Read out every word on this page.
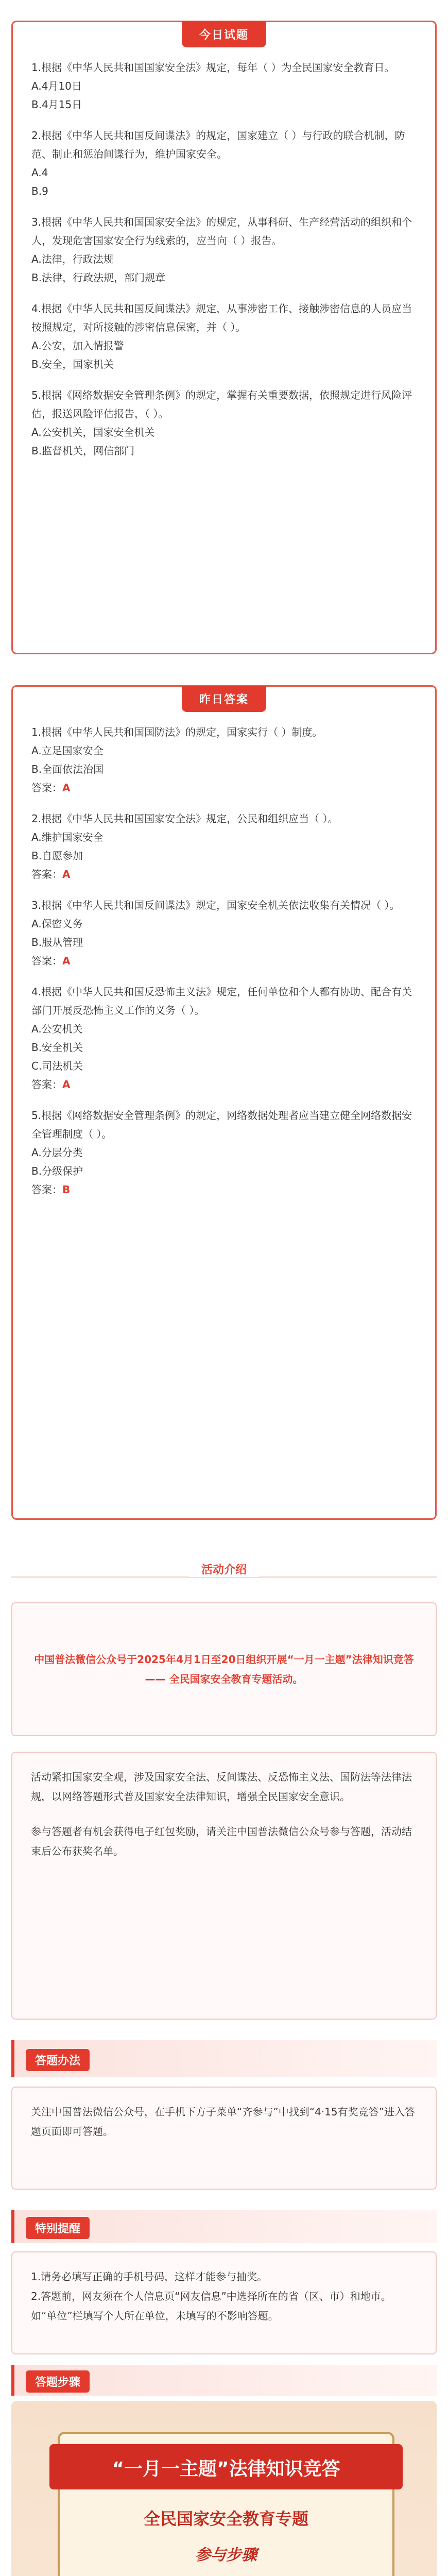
今日试题

1.根据《中华人民共和国国家安全法》规定，每年（ ）为全民国家安全教育日。

A.4月10日

B.4月15日

2.根据《中华人民共和国反间谍法》的规定，国家建立（ ）与行政的联合机制，防范、制止和惩治间谍行为，维护国家安全。

A.4

B.9

3.根据《中华人民共和国国家安全法》的规定，从事科研、生产经营活动的组织和个人，发现危害国家安全行为线索的，应当向（ ）报告。

A.法律，行政法规

B.法律，行政法规，部门规章

4.根据《中华人民共和国反间谍法》规定，从事涉密工作、接触涉密信息的人员应当按照规定，对所接触的涉密信息保密，并（ ）。

A.公安，加入情报警

B.安全，国家机关

5.根据《网络数据安全管理条例》的规定，掌握有关重要数据，依照规定进行风险评估，报送风险评估报告，（ ）。

A.公安机关，国家安全机关

B.监督机关，网信部门

昨日答案

1.根据《中华人民共和国国防法》的规定，国家实行（ ）制度。

A.立足国家安全

B.全面依法治国

答案：A

2.根据《中华人民共和国国家安全法》规定，公民和组织应当（ ）。

A.维护国家安全

B.自愿参加

答案：A

3.根据《中华人民共和国反间谍法》规定，国家安全机关依法收集有关情况（ ）。

A.保密义务

B.服从管理

答案：A

4.根据《中华人民共和国反恐怖主义法》规定，任何单位和个人都有协助、配合有关部门开展反恐怖主义工作的义务（ ）。

A.公安机关

B.安全机关

C.司法机关

答案：A

5.根据《网络数据安全管理条例》的规定，网络数据处理者应当建立健全网络数据安全管理制度（ ）。

A.分层分类

B.分级保护

答案：B

活动介绍
中国普法微信公众号于2025年4月1日至20日组织开展“一月一主题”法律知识竞答 —— 全民国家安全教育专题活动。

活动紧扣国家安全观，涉及国家安全法、反间谍法、反恐怖主义法、国防法等法律法规，以网络答题形式普及国家安全法律知识，增强全民国家安全意识。

参与答题者有机会获得电子红包奖励，请关注中国普法微信公众号参与答题，活动结束后公布获奖名单。

答题办法

关注中国普法微信公众号，在手机下方子菜单“齐参与”中找到“4·15有奖竞答”进入答题页面即可答题。

特别提醒

1.请务必填写正确的手机号码，这样才能参与抽奖。

2.答题前，网友须在个人信息页“网友信息”中选择所在的省（区、市）和地市。如“单位”栏填写个人所在单位，未填写的不影响答题。

答题步骤
“一月一主题”法律知识竞答
全民国家安全教育专题
参与步骤
